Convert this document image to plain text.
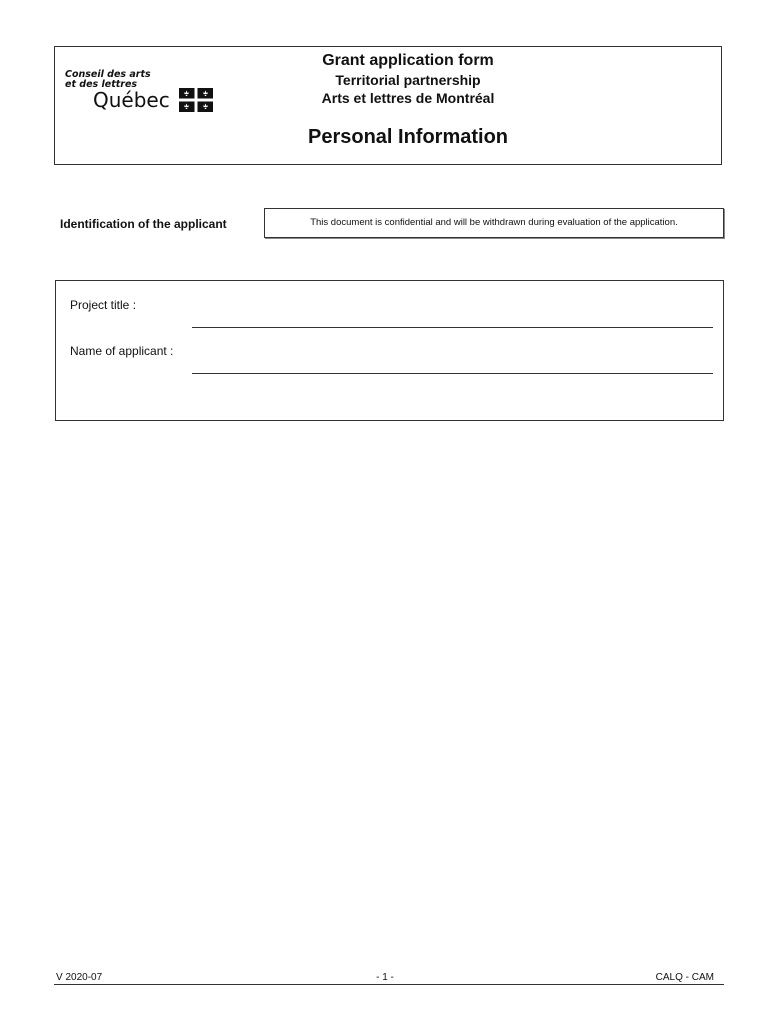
Conseil des arts
et des lettres
Québec

Grant application form

Territorial partnership

Arts et lettres de Montréal

Personal Information
Identification of the applicant	This document is confidential and will be withdrawn during evaluation of the application.
Project title :
Name of applicant :
V 2020-07	- 1 -	CALQ - CAM
